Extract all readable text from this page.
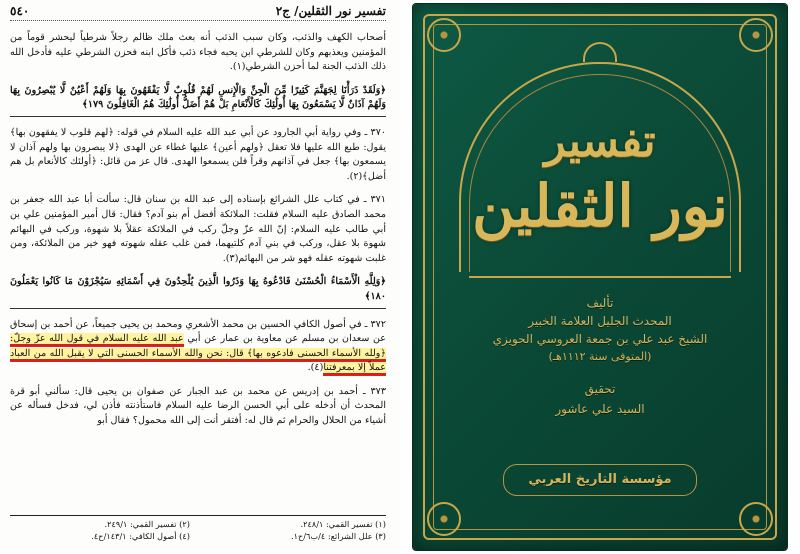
تفسير نور الثقلين/ ج٢
٥٤٠

أصحاب الكهف والذئب، وكان سبب الذئب أنه بعث ملك ظالم رجلاً شرطياً ليحشر قوماً من المؤمنين ويعذبهم وكان للشرطي ابن يحبه فجاء ذئب فأكل ابنه فحزن الشرطي عليه فأدخل الله ذلك الذئب الجنة لما أحزن الشرطي(١).

﴿وَلَقَدْ ذَرَأْنَا لِجَهَنَّمَ كَثِيرًا مِّنَ الْجِنِّ وَالْإِنسِ لَهُمْ قُلُوبٌ لَّا يَفْقَهُونَ بِهَا وَلَهُمْ أَعْيُنٌ لَّا يُبْصِرُونَ بِهَا وَلَهُمْ آذَانٌ لَّا يَسْمَعُونَ بِهَا أُولَٰئِكَ كَالْأَنْعَامِ بَلْ هُمْ أَضَلُّ أُولَٰئِكَ هُمُ الْغَافِلُونَ ١٧٩﴾

٣٧٠ ـ وفي رواية أبي الجارود عن أبي عبد الله عليه السلام في قوله: ﴿لهم قلوب لا يفقهون بها﴾ يقول: طبع الله عليها فلا تعقل ﴿ولهم أعين﴾ عليها غطاء عن الهدى ﴿لا يبصرون بها ولهم آذان لا يسمعون بها﴾ جعل في آذانهم وقراً فلن يسمعوا الهدى. قال عز من قائل: ﴿أولئك كالأنعام بل هم أضل﴾(٢).

٣٧١ ـ في كتاب علل الشرائع بإسناده إلى عبد الله بن سنان قال: سألت أبا عبد الله جعفر بن محمد الصادق عليه السلام فقلت: الملائكة أفضل أم بنو آدم؟ فقال: قال أمير المؤمنين علي بن أبي طالب عليه السلام: إنّ الله عزّ وجلّ ركب في الملائكة عقلاً بلا شهوة، وركب في البهائم شهوة بلا عقل، وركب في بني آدم كلتيهما، فمن غلب عقله شهوته فهو خير من الملائكة، ومن غلبت شهوته عقله فهو شر من البهائم(٣).

﴿وَلِلَّهِ الْأَسْمَاءُ الْحُسْنَىٰ فَادْعُوهُ بِهَا وَذَرُوا الَّذِينَ يُلْحِدُونَ فِي أَسْمَائِهِ سَيُجْزَوْنَ مَا كَانُوا يَعْمَلُونَ ١٨٠﴾

٣٧٢ ـ في أصول الكافي الحسين بن محمد الأشعري ومحمد بن يحيى جميعاً، عن أحمد بن إسحاق عن سعدان بن مسلم عن معاوية بن عمار عن أبي عبد الله عليه السلام في قول الله عزّ وجلّ: ﴿ولله الأسماء الحسنى فادعوه بها﴾ قال: نحن والله الأسماء الحسنى التي لا يقبل الله من العباد عملاً إلا بمعرفتنا(٤).

٣٧٣ ـ أحمد بن إدريس عن محمد بن عبد الجبار عن صفوان بن يحيى قال: سألني أبو قرة المحدث أن أدخله على أبي الحسن الرضا عليه السلام فاستأذنته فأذن لي، فدخل فسأله عن أشياء من الحلال والحرام ثم قال له: أفتقر أنت إلى الله محمول؟ فقال أبو

(١) تفسير القمي: ٢٤٨/١.
(٢) تفسير القمي: ٢٤٩/١.
(٣) علل الشرائع: ٤/ب٦/ح١.
(٤) أصول الكافي: ١٤٣/١/ح٤.
تفسير
نور الثقلين
تأليف
المحدث الجليل العلامة الخبير
الشيخ عبد علي بن جمعة العروسي الحويزي
(المتوفى سنة ١١١٢هـ)
تحقيق
السيد علي عاشور
مؤسسة التاريخ العربي
